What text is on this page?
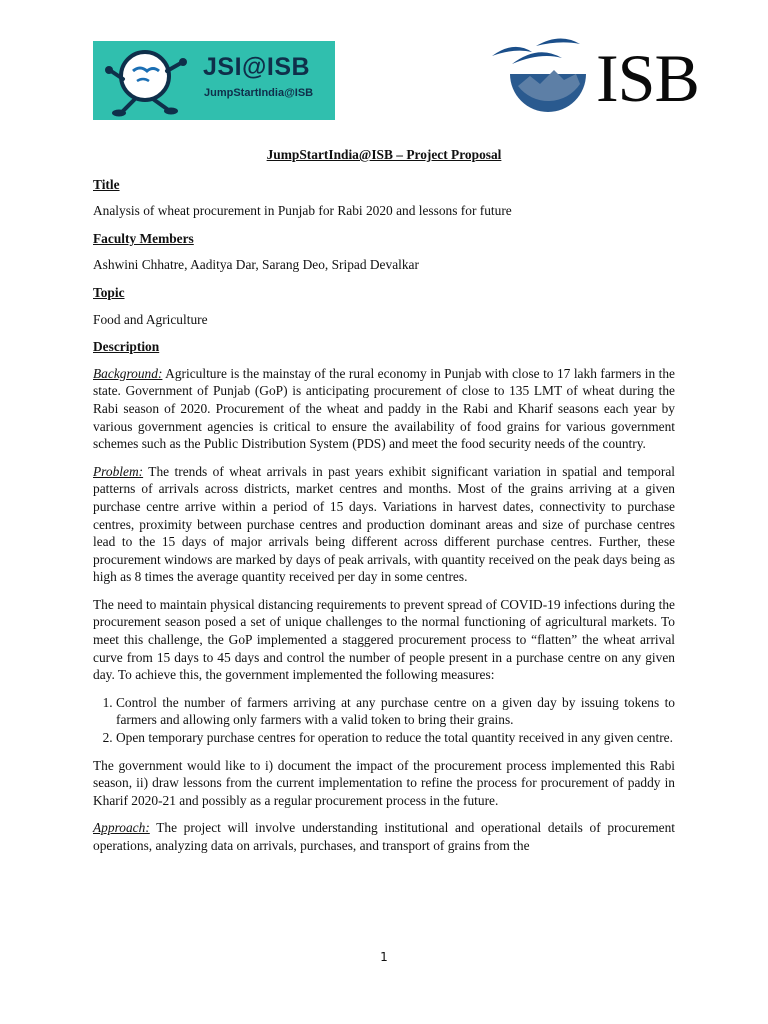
JSI@ISB
JumpStartIndia@ISB	ISB

JumpStartIndia@ISB – Project Proposal

Title

Analysis of wheat procurement in Punjab for Rabi 2020 and lessons for future

Faculty Members

Ashwini Chhatre, Aaditya Dar, Sarang Deo, Sripad Devalkar

Topic

Food and Agriculture

Description

Background: Agriculture is the mainstay of the rural economy in Punjab with close to 17 lakh farmers in the state. Government of Punjab (GoP) is anticipating procurement of close to 135 LMT of wheat during the Rabi season of 2020. Procurement of the wheat and paddy in the Rabi and Kharif seasons each year by various government agencies is critical to ensure the availability of food grains for various government schemes such as the Public Distribution System (PDS) and meet the food security needs of the country.

Problem: The trends of wheat arrivals in past years exhibit significant variation in spatial and temporal patterns of arrivals across districts, market centres and months. Most of the grains arriving at a given purchase centre arrive within a period of 15 days. Variations in harvest dates, connectivity to purchase centres, proximity between purchase centres and production dominant areas and size of purchase centres lead to the 15 days of major arrivals being different across different purchase centres. Further, these procurement windows are marked by days of peak arrivals, with quantity received on the peak days being as high as 8 times the average quantity received per day in some centres.

The need to maintain physical distancing requirements to prevent spread of COVID-19 infections during the procurement season posed a set of unique challenges to the normal functioning of agricultural markets. To meet this challenge, the GoP implemented a staggered procurement process to “flatten” the wheat arrival curve from 15 days to 45 days and control the number of people present in a purchase centre on any given day. To achieve this, the government implemented the following measures:

1. Control the number of farmers arriving at any purchase centre on a given day by issuing tokens to farmers and allowing only farmers with a valid token to bring their grains.
2. Open temporary purchase centres for operation to reduce the total quantity received in any given centre.

The government would like to i) document the impact of the procurement process implemented this Rabi season, ii) draw lessons from the current implementation to refine the process for procurement of paddy in Kharif 2020-21 and possibly as a regular procurement process in the future.

Approach: The project will involve understanding institutional and operational details of procurement operations, analyzing data on arrivals, purchases, and transport of grains from the

1
